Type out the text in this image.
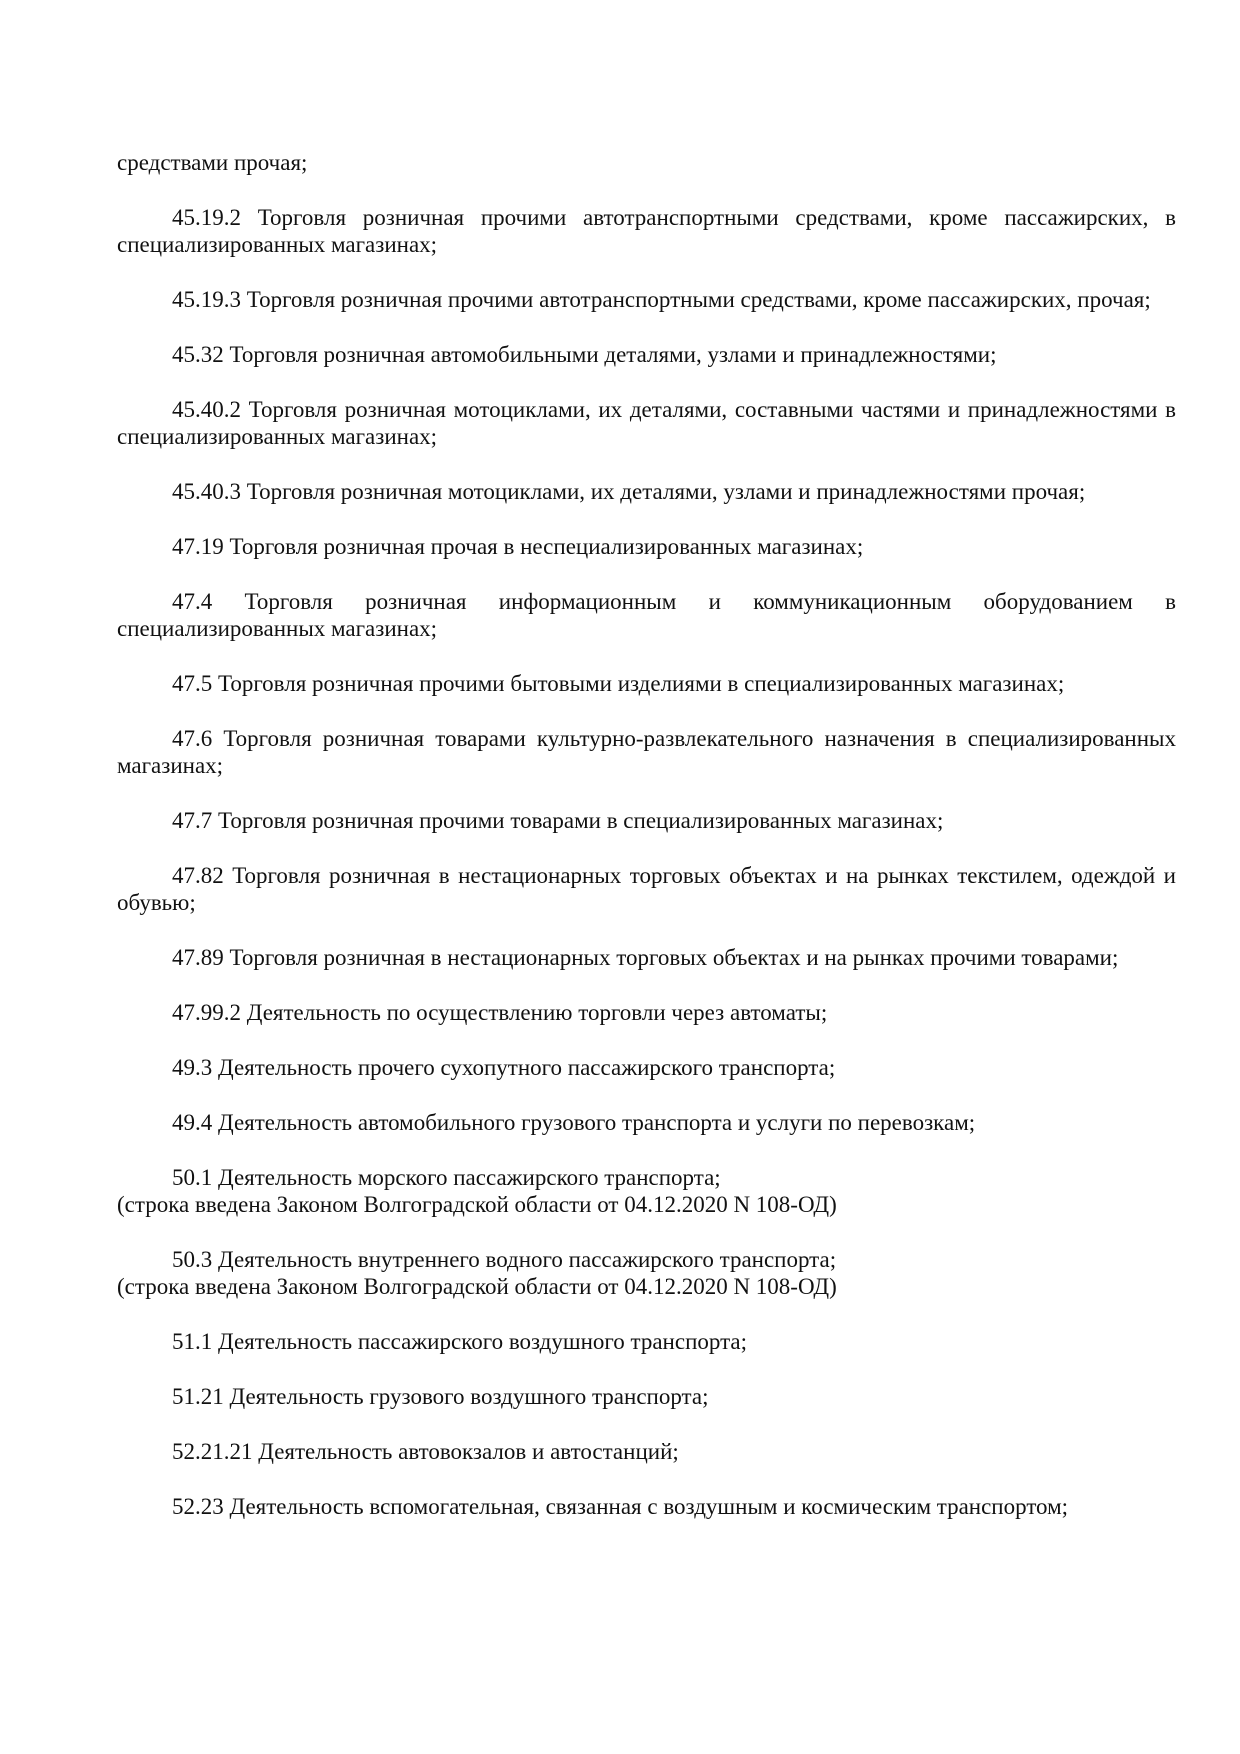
средствами прочая;

45.19.2 Торговля розничная прочими автотранспортными средствами, кроме пассажирских, в специализированных магазинах;

45.19.3 Торговля розничная прочими автотранспортными средствами, кроме пассажирских, прочая;

45.32 Торговля розничная автомобильными деталями, узлами и принадлежностями;

45.40.2 Торговля розничная мотоциклами, их деталями, составными частями и принадлежностями в специализированных магазинах;

45.40.3 Торговля розничная мотоциклами, их деталями, узлами и принадлежностями прочая;

47.19 Торговля розничная прочая в неспециализированных магазинах;

47.4 Торговля розничная информационным и коммуникационным оборудованием в специализированных магазинах;

47.5 Торговля розничная прочими бытовыми изделиями в специализированных магазинах;

47.6 Торговля розничная товарами культурно-развлекательного назначения в специализированных магазинах;

47.7 Торговля розничная прочими товарами в специализированных магазинах;

47.82 Торговля розничная в нестационарных торговых объектах и на рынках текстилем, одеждой и обувью;

47.89 Торговля розничная в нестационарных торговых объектах и на рынках прочими товарами;

47.99.2 Деятельность по осуществлению торговли через автоматы;

49.3 Деятельность прочего сухопутного пассажирского транспорта;

49.4 Деятельность автомобильного грузового транспорта и услуги по перевозкам;

50.1 Деятельность морского пассажирского транспорта;
(строка введена Законом Волгоградской области от 04.12.2020 N 108-ОД)

50.3 Деятельность внутреннего водного пассажирского транспорта;
(строка введена Законом Волгоградской области от 04.12.2020 N 108-ОД)

51.1 Деятельность пассажирского воздушного транспорта;

51.21 Деятельность грузового воздушного транспорта;

52.21.21 Деятельность автовокзалов и автостанций;

52.23 Деятельность вспомогательная, связанная с воздушным и космическим транспортом;
